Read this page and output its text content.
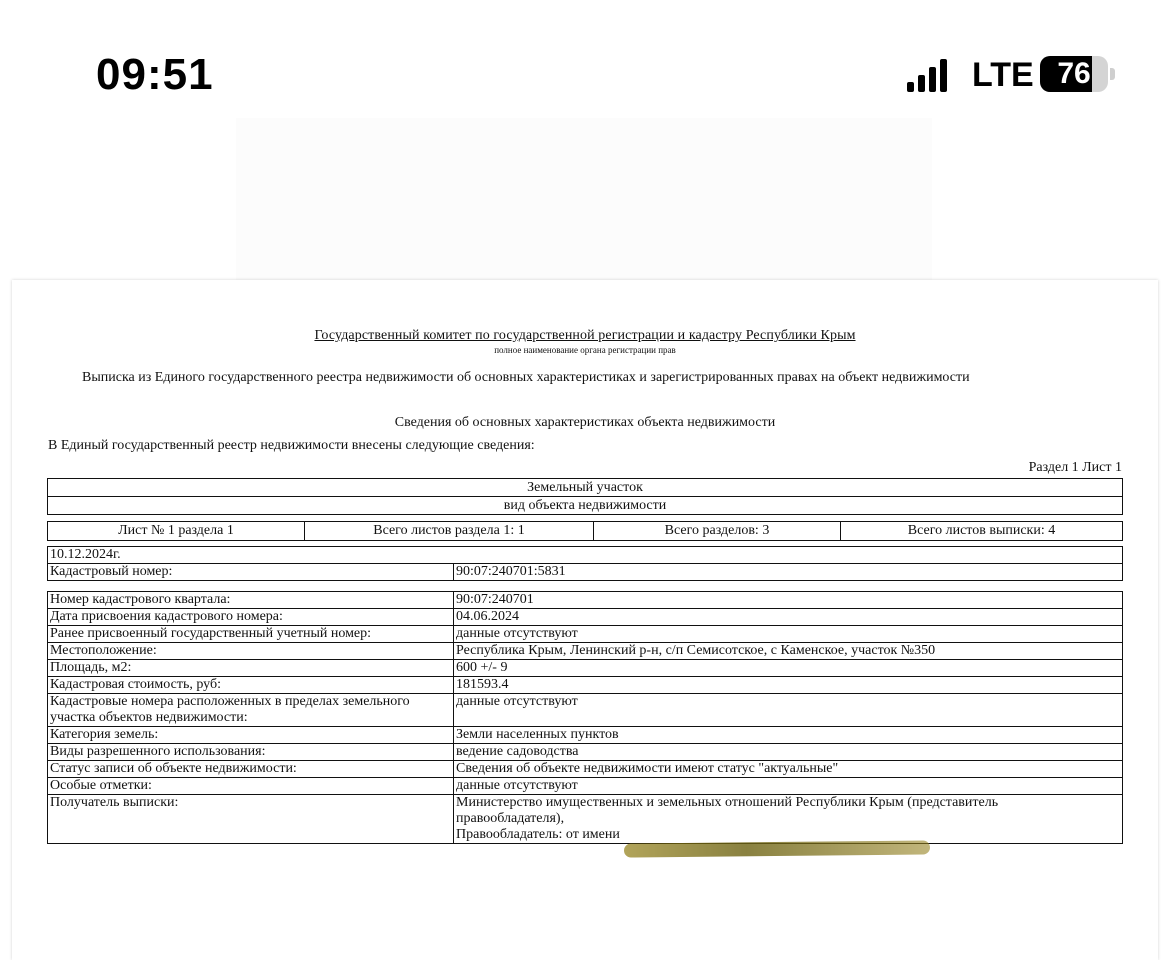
09:51	LTE 76
Государственный комитет по государственной регистрации и кадастру Республики Крым
полное наименование органа регистрации прав
Выписка из Единого государственного реестра недвижимости об основных характеристиках и зарегистрированных правах на объект недвижимости
Сведения об основных характеристиках объекта недвижимости
В Единый государственный реестр недвижимости внесены следующие сведения:
Раздел 1 Лист 1
Земельный участок
вид объекта недвижимости
Лист № 1 раздела 1	Всего листов раздела 1: 1	Всего разделов: 3	Всего листов выписки: 4
10.12.2024г.
Кадастровый номер:	90:07:240701:5831
Номер кадастрового квартала:	90:07:240701
Дата присвоения кадастрового номера:	04.06.2024
Ранее присвоенный государственный учетный номер:	данные отсутствуют
Местоположение:	Республика Крым, Ленинский р-н, с/п Семисотское, с Каменское, участок №350
Площадь, м2:	600 +/- 9
Кадастровая стоимость, руб:	181593.4
Кадастровые номера расположенных в пределах земельного участка объектов недвижимости:	данные отсутствуют
Категория земель:	Земли населенных пунктов
Виды разрешенного использования:	ведение садоводства
Статус записи об объекте недвижимости:	Сведения об объекте недвижимости имеют статус "актуальные"
Особые отметки:	данные отсутствуют
Получатель выписки:	Министерство имущественных и земельных отношений Республики Крым (представитель
правообладателя),
Правообладатель: от имени
